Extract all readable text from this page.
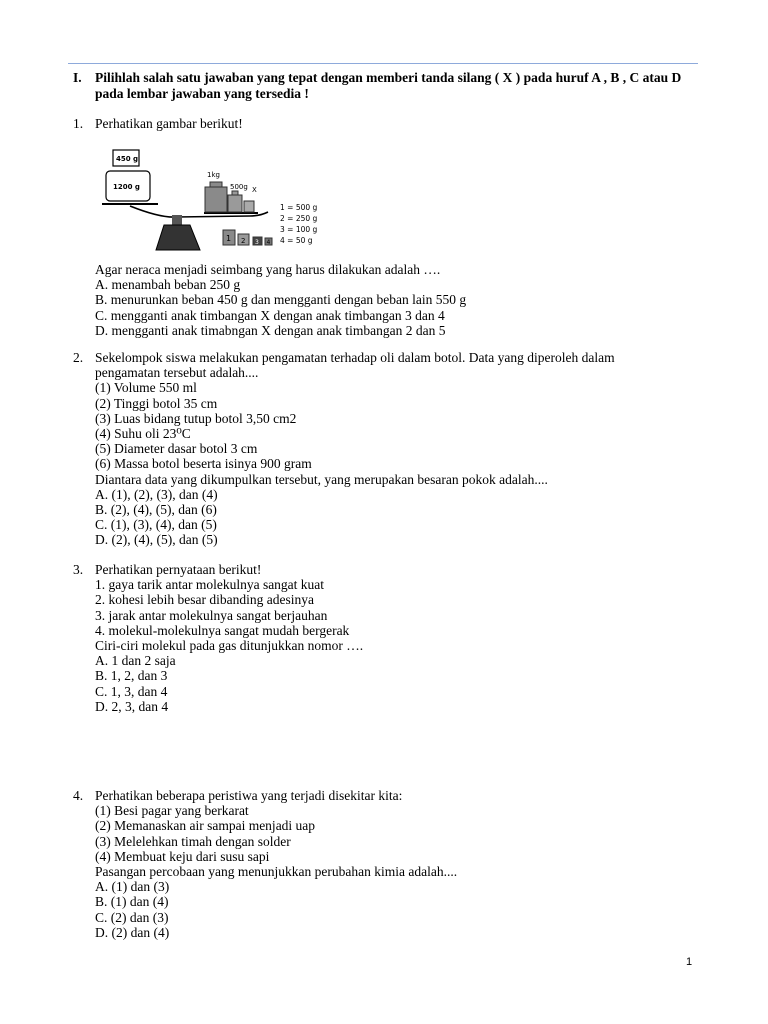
I. Pilihlah salah satu jawaban yang tepat dengan memberi tanda silang ( X ) pada huruf A , B , C atau D pada lembar jawaban yang tersedia !
1. Perhatikan gambar berikut!
450 g
1200 g
1kg
500g X
1 2 3 4
1 = 500 g
2 = 250 g
3 = 100 g
4 = 50 g
Agar neraca menjadi seimbang yang harus dilakukan adalah ….
A. menambah beban 250 g
B. menurunkan beban 450 g dan mengganti dengan beban lain 550 g
C. mengganti anak timbangan X dengan anak timbangan 3 dan 4
D. mengganti anak timabngan X dengan anak timbangan 2 dan 5
2. Sekelompok siswa melakukan pengamatan terhadap oli dalam botol. Data yang diperoleh dalam
pengamatan tersebut adalah....
(1) Volume 550 ml
(2) Tinggi botol 35 cm
(3) Luas bidang tutup botol 3,50 cm2
(4) Suhu oli 23⁰C
(5) Diameter dasar botol 3 cm
(6) Massa botol beserta isinya 900 gram
Diantara data yang dikumpulkan tersebut, yang merupakan besaran pokok adalah....
A. (1), (2), (3), dan (4)
B. (2), (4), (5), dan (6)
C. (1), (3), (4), dan (5)
D. (2), (4), (5), dan (5)
3. Perhatikan pernyataan berikut!
1. gaya tarik antar molekulnya sangat kuat
2. kohesi lebih besar dibanding adesinya
3. jarak antar molekulnya sangat berjauhan
4. molekul-molekulnya sangat mudah bergerak
Ciri-ciri molekul pada gas ditunjukkan nomor ….
A. 1 dan 2 saja
B. 1, 2, dan 3
C. 1, 3, dan 4
D. 2, 3, dan 4
4. Perhatikan beberapa peristiwa yang terjadi disekitar kita:
(1) Besi pagar yang berkarat
(2) Memanaskan air sampai menjadi uap
(3) Melelehkan timah dengan solder
(4) Membuat keju dari susu sapi
Pasangan percobaan yang menunjukkan perubahan kimia adalah....
A. (1) dan (3)
B. (1) dan (4)
C. (2) dan (3)
D. (2) dan (4)
1
